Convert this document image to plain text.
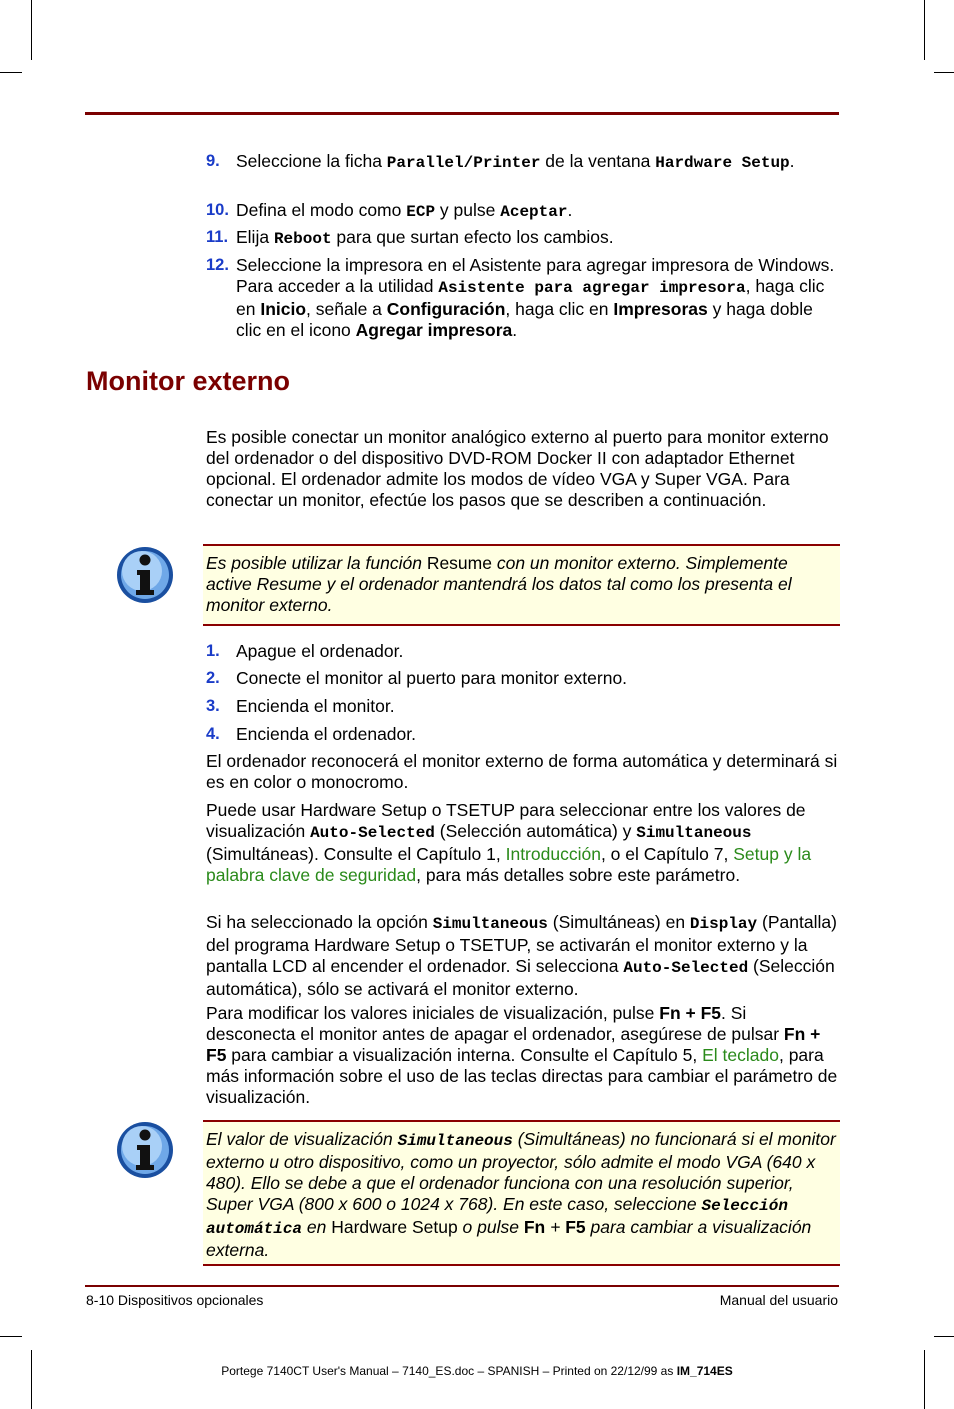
9. Seleccione la ficha Parallel/Printer de la ventana Hardware Setup.
10. Defina el modo como ECP y pulse Aceptar.
11. Elija Reboot para que surtan efecto los cambios.
12. Seleccione la impresora en el Asistente para agregar impresora de Windows. Para acceder a la utilidad Asistente para agregar impresora, haga clic en Inicio, señale a Configuración, haga clic en Impresoras y haga doble clic en el icono Agregar impresora.
Monitor externo
Es posible conectar un monitor analógico externo al puerto para monitor externo del ordenador o del dispositivo DVD-ROM Docker II con adaptador Ethernet opcional. El ordenador admite los modos de vídeo VGA y Super VGA. Para conectar un monitor, efectúe los pasos que se describen a continuación.
Es posible utilizar la función Resume con un monitor externo. Simplemente active Resume y el ordenador mantendrá los datos tal como los presenta el monitor externo.
1. Apague el ordenador.
2. Conecte el monitor al puerto para monitor externo.
3. Encienda el monitor.
4. Encienda el ordenador.
El ordenador reconocerá el monitor externo de forma automática y determinará si es en color o monocromo.
Puede usar Hardware Setup o TSETUP para seleccionar entre los valores de visualización Auto-Selected (Selección automática) y Simultaneous (Simultáneas). Consulte el Capítulo 1, Introducción, o el Capítulo 7, Setup y la palabra clave de seguridad, para más detalles sobre este parámetro.
Si ha seleccionado la opción Simultaneous (Simultáneas) en Display (Pantalla) del programa Hardware Setup o TSETUP, se activarán el monitor externo y la pantalla LCD al encender el ordenador. Si selecciona Auto-Selected (Selección automática), sólo se activará el monitor externo.
Para modificar los valores iniciales de visualización, pulse Fn + F5. Si desconecta el monitor antes de apagar el ordenador, asegúrese de pulsar Fn + F5 para cambiar a visualización interna. Consulte el Capítulo 5, El teclado, para más información sobre el uso de las teclas directas para cambiar el parámetro de visualización.
El valor de visualización Simultaneous (Simultáneas) no funcionará si el monitor externo u otro dispositivo, como un proyector, sólo admite el modo VGA (640 x 480). Ello se debe a que el ordenador funciona con una resolución superior, Super VGA (800 x 600 o 1024 x 768). En este caso, seleccione Selección automática en Hardware Setup o pulse Fn + F5 para cambiar a visualización externa.
8-10 Dispositivos opcionales	Manual del usuario
Portege 7140CT User's Manual – 7140_ES.doc – SPANISH – Printed on 22/12/99 as IM_714ES
